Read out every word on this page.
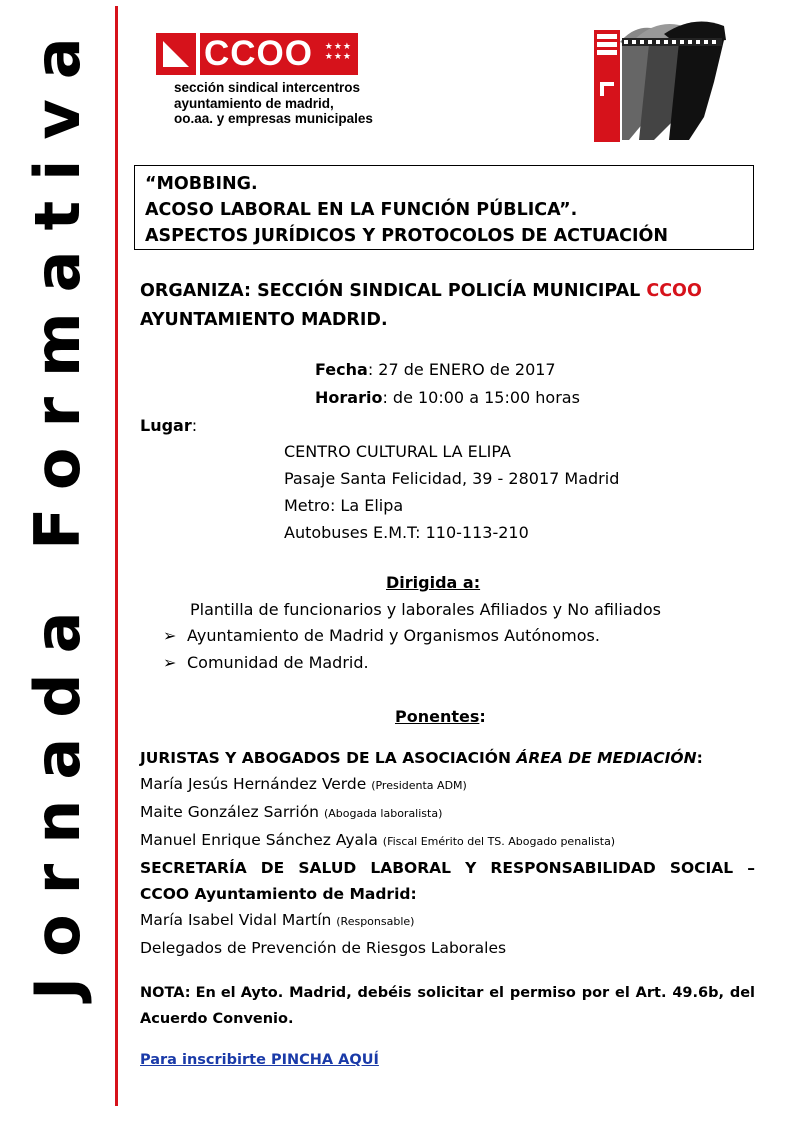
Jornada Formativa	CCOO ★★★
★★★
sección sindical intercentros
ayuntamiento de madrid,
oo.aa. y empresas municipales
“MOBBING.
ACOSO LABORAL EN LA FUNCIÓN PÚBLICA”.
ASPECTOS JURÍDICOS Y PROTOCOLOS DE ACTUACIÓN
ORGANIZA: SECCIÓN SINDICAL POLICÍA MUNICIPAL CCOO
AYUNTAMIENTO MADRID.
Fecha: 27 de ENERO de 2017
Horario: de 10:00 a 15:00 horas
Lugar:
CENTRO CULTURAL LA ELIPA
Pasaje Santa Felicidad, 39 - 28017 Madrid
Metro: La Elipa
Autobuses E.M.T: 110-113-210
Dirigida a:
Plantilla de funcionarios y laborales Afiliados y No afiliados
➢ Ayuntamiento de Madrid y Organismos Autónomos.
➢ Comunidad de Madrid.
Ponentes:
JURISTAS Y ABOGADOS DE LA ASOCIACIÓN ÁREA DE MEDIACIÓN:
María Jesús Hernández Verde (Presidenta ADM)
Maite González Sarrión (Abogada laboralista)
Manuel Enrique Sánchez Ayala (Fiscal Emérito del TS. Abogado penalista)
SECRETARÍA DE SALUD LABORAL Y RESPONSABILIDAD SOCIAL –
CCOO Ayuntamiento de Madrid:
María Isabel Vidal Martín (Responsable)
Delegados de Prevención de Riesgos Laborales
NOTA: En el Ayto. Madrid, debéis solicitar el permiso por el Art. 49.6b, del
Acuerdo Convenio.
Para inscribirte PINCHA AQUÍ
